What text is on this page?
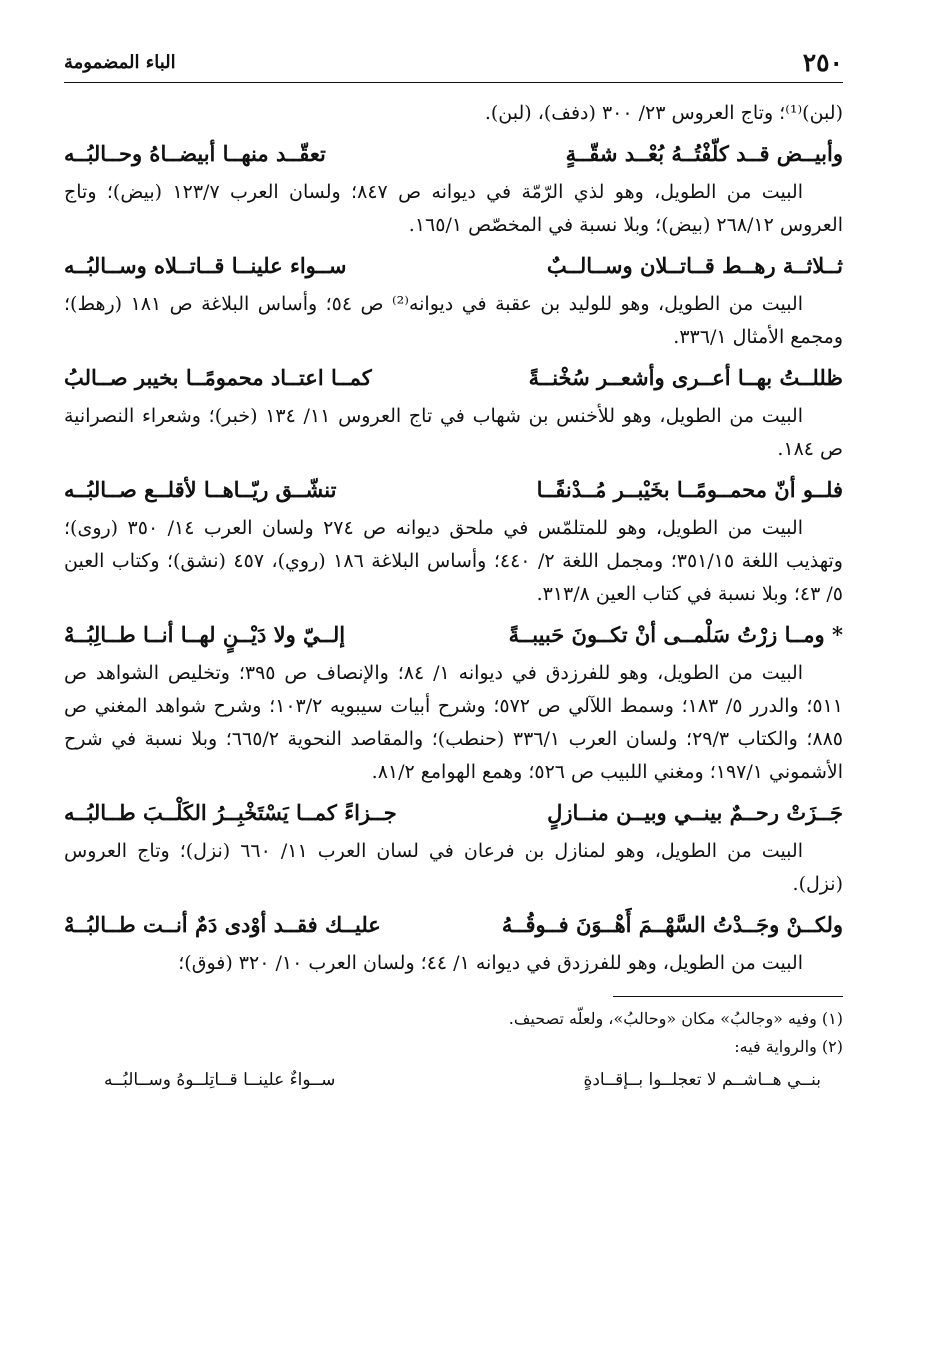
٢٥٠
الباء المضمومة

(لبن)⁽¹⁾؛ وتاج العروس ٢٣/ ٣٠٠ (دفف)، (لبن).

وأبيــض قــد كلّفْتُــهُ بُعْــد شقّــةٍ
تعقّــد منهــا أبيضــاهُ وحــالبُــه

البيت من الطويل، وهو لذي الرّمّة في ديوانه ص ٨٤٧؛ ولسان العرب ١٢٣/٧ (بيض)؛ وتاج العروس ٢٦٨/١٢ (بيض)؛ وبلا نسبة في المخصّص ١٦٥/١.

ثــلاثــة رهــط قــاتــلان وســالــبٌ
ســواء علينــا قــاتــلاه وســالبُــه

البيت من الطويل، وهو للوليد بن عقبة في ديوانه⁽²⁾ ص ٥٤؛ وأساس البلاغة ص ١٨١ (رهط)؛ ومجمع الأمثال ٣٣٦/١.

ظللــتُ بهــا أعــرى وأشعــر سُخْنــةً
كمــا اعتــاد محمومًــا بخيبر صــالبُ

البيت من الطويل، وهو للأخنس بن شهاب في تاج العروس ١١/ ١٣٤ (خبر)؛ وشعراء النصرانية ص ١٨٤.

فلــو أنّ محمــومًــا بخَيْبــر مُــدْنفًــا
تنشّــق ريّــاهــا لأقلــع صــالبُــه

البيت من الطويل، وهو للمتلمّس في ملحق ديوانه ص ٢٧٤ ولسان العرب ١٤/ ٣٥٠ (روى)؛ وتهذيب اللغة ٣٥١/١٥؛ ومجمل اللغة ٢/ ٤٤٠؛ وأساس البلاغة ١٨٦ (روي)، ٤٥٧ (نشق)؛ وكتاب العين ٥/ ٤٣؛ وبلا نسبة في كتاب العين ٣١٣/٨.

* ومــا زرْتُ سَلْمــى أنْ تكــونَ حَبيبــةً
إلــيّ ولا دَيْــنٍ لهــا أنــا طــالِبُــهْ

البيت من الطويل، وهو للفرزدق في ديوانه ١/ ٨٤؛ والإنصاف ص ٣٩٥؛ وتخليص الشواهد ص ٥١١؛ والدرر ٥/ ١٨٣؛ وسمط اللآلي ص ٥٧٢؛ وشرح أبيات سيبويه ١٠٣/٢؛ وشرح شواهد المغني ص ٨٨٥؛ والكتاب ٢٩/٣؛ ولسان العرب ٣٣٦/١ (حنطب)؛ والمقاصد النحوية ٦٦٥/٢؛ وبلا نسبة في شرح الأشموني ١٩٧/١؛ ومغني اللبيب ص ٥٢٦؛ وهمع الهوامع ٨١/٢.

جَــزَتْ رحــمٌ بينــي وبيــن منــازلٍ
جــزاءً كمــا يَسْتَخْبِــرُ الكَلْــبَ طــالبُــه

البيت من الطويل، وهو لمنازل بن فرعان في لسان العرب ١١/ ٦٦٠ (نزل)؛ وتاج العروس (نزل).

ولكــنْ وجَــدْتُ السَّهْــمَ أَهْــوَنَ فــوقُــهُ
عليــك فقــد أوْدى دَمٌ أنــت طــالبُــهْ

البيت من الطويل، وهو للفرزدق في ديوانه ١/ ٤٤؛ ولسان العرب ١٠/ ٣٢٠ (فوق)؛

(١) وفيه «وجالبُ» مكان «وحالبُ»، ولعلّه تصحيف.

(٢) والرواية فيه:

بنــي هــاشــم لا تعجلــوا بــإقــادةٍ
ســواءٌ علينــا قــاتِلــوهُ وســالبُــه
